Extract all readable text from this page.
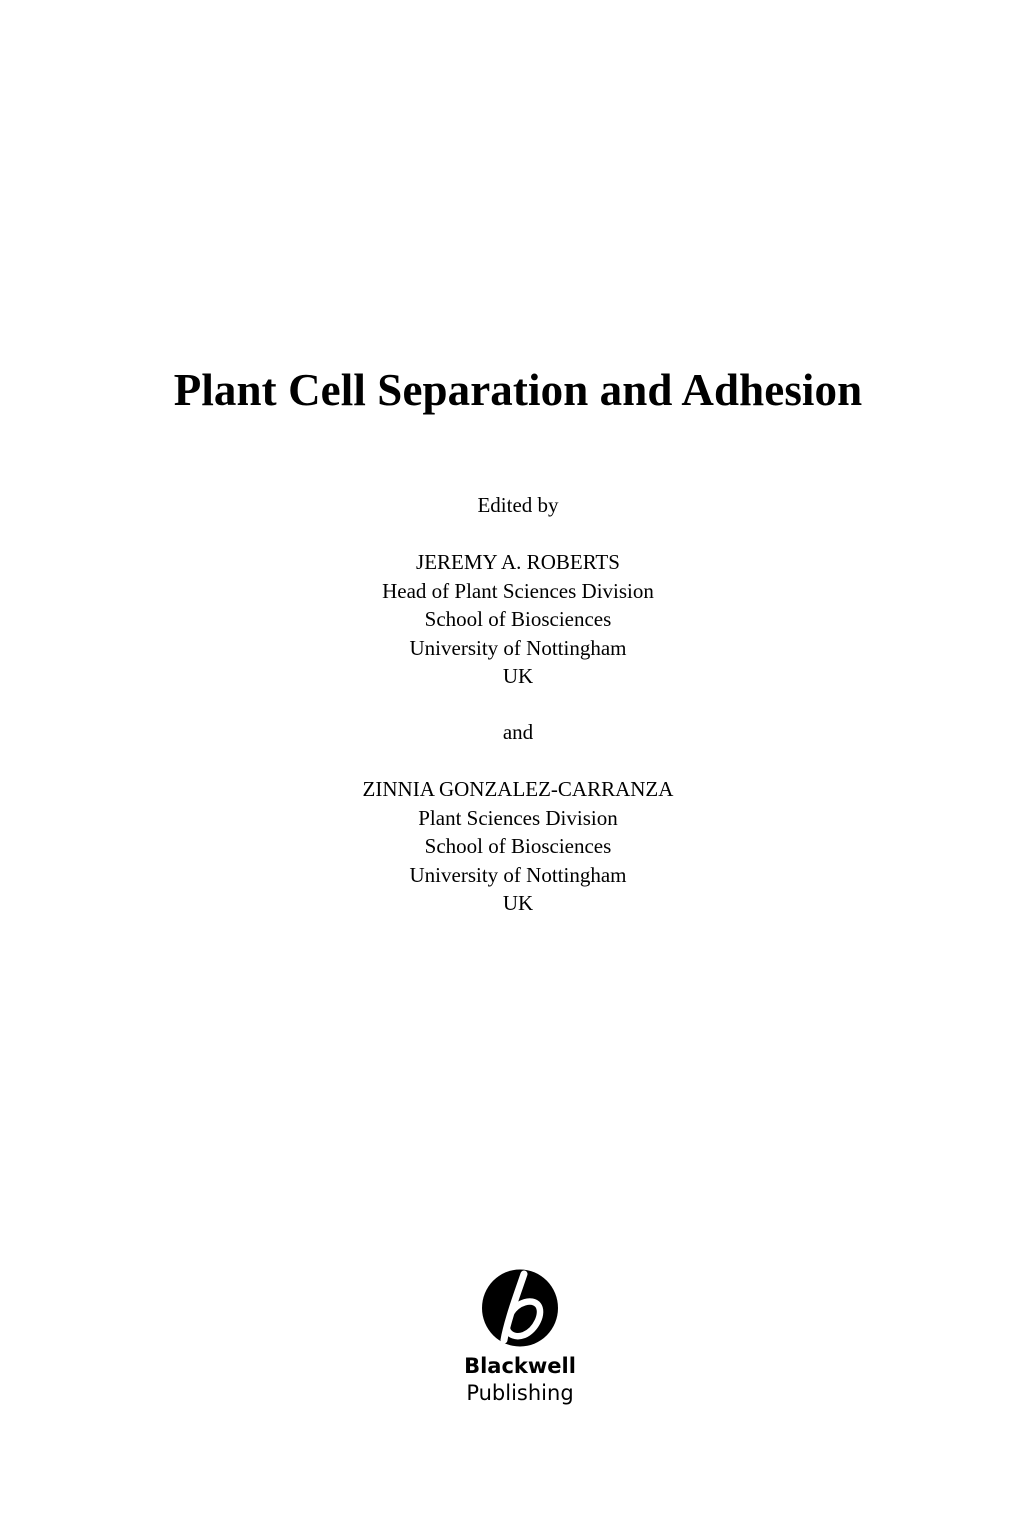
Plant Cell Separation and Adhesion
Edited by
JEREMY A. ROBERTS
Head of Plant Sciences Division
School of Biosciences
University of Nottingham
UK
and
ZINNIA GONZALEZ-CARRANZA
Plant Sciences Division
School of Biosciences
University of Nottingham
UK
Blackwell
Publishing
